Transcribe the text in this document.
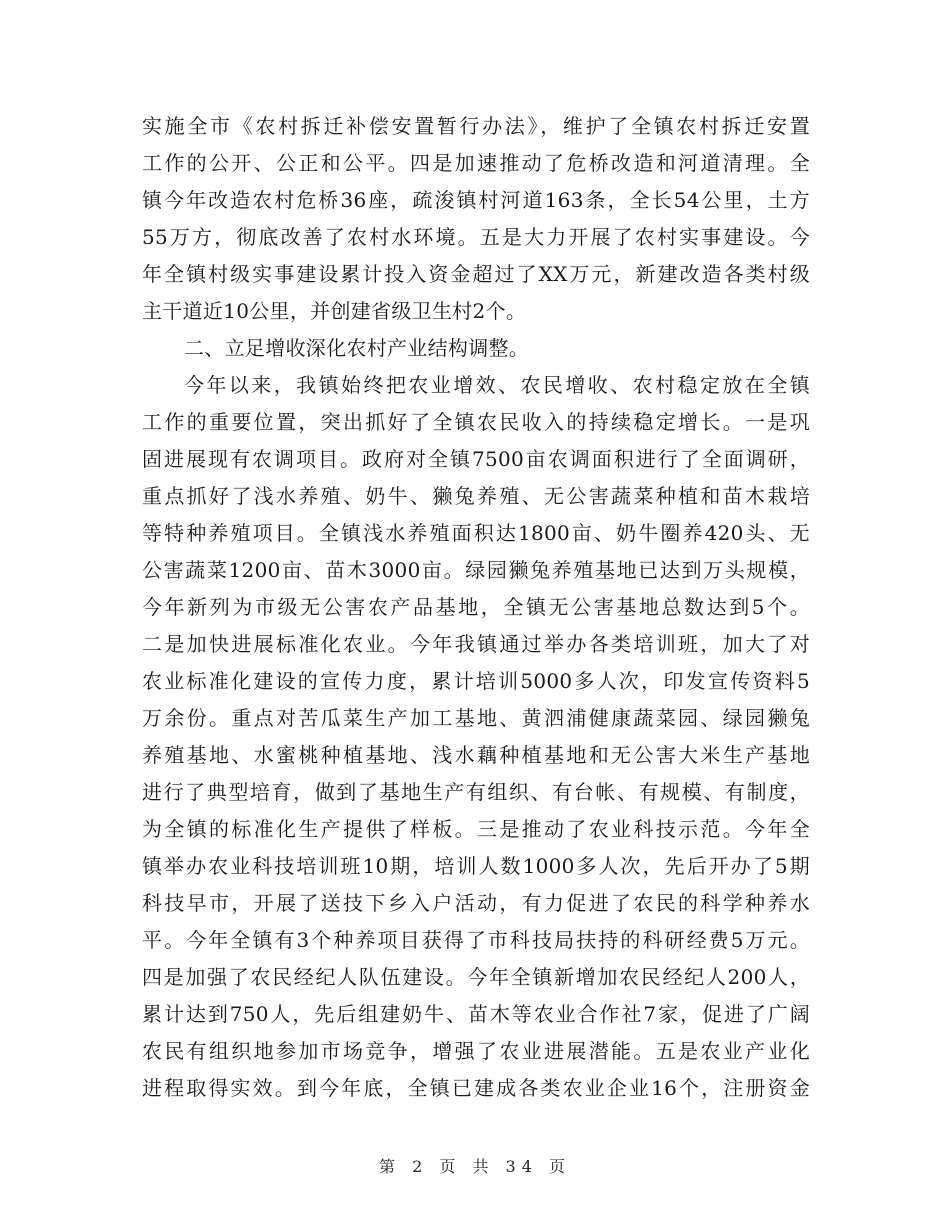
实施全市《农村拆迁补偿安置暂行办法》，维护了全镇农村拆迁安置
工作的公开、公正和公平。四是加速推动了危桥改造和河道清理。全
镇今年改造农村危桥36座，疏浚镇村河道163条，全长54公里，土方
55万方，彻底改善了农村水环境。五是大力开展了农村实事建设。今
年全镇村级实事建设累计投入资金超过了XX万元，新建改造各类村级
主干道近10公里，并创建省级卫生村2个。
二、立足增收深化农村产业结构调整。
今年以来，我镇始终把农业增效、农民增收、农村稳定放在全镇
工作的重要位置，突出抓好了全镇农民收入的持续稳定增长。一是巩
固进展现有农调项目。政府对全镇7500亩农调面积进行了全面调研，
重点抓好了浅水养殖、奶牛、獭兔养殖、无公害蔬菜种植和苗木栽培
等特种养殖项目。全镇浅水养殖面积达1800亩、奶牛圈养420头、无
公害蔬菜1200亩、苗木3000亩。绿园獭兔养殖基地已达到万头规模，
今年新列为市级无公害农产品基地，全镇无公害基地总数达到5个。
二是加快进展标准化农业。今年我镇通过举办各类培训班，加大了对
农业标准化建设的宣传力度，累计培训5000多人次，印发宣传资料5
万余份。重点对苦瓜菜生产加工基地、黄泗浦健康蔬菜园、绿园獭兔
养殖基地、水蜜桃种植基地、浅水藕种植基地和无公害大米生产基地
进行了典型培育，做到了基地生产有组织、有台帐、有规模、有制度，
为全镇的标准化生产提供了样板。三是推动了农业科技示范。今年全
镇举办农业科技培训班10期，培训人数1000多人次，先后开办了5期
科技早市，开展了送技下乡入户活动，有力促进了农民的科学种养水
平。今年全镇有3个种养项目获得了市科技局扶持的科研经费5万元。
四是加强了农民经纪人队伍建设。今年全镇新增加农民经纪人200人，
累计达到750人，先后组建奶牛、苗木等农业合作社7家，促进了广阔
农民有组织地参加市场竞争，增强了农业进展潜能。五是农业产业化
进程取得实效。到今年底，全镇已建成各类农业企业16个，注册资金
第 2 页 共 34 页
